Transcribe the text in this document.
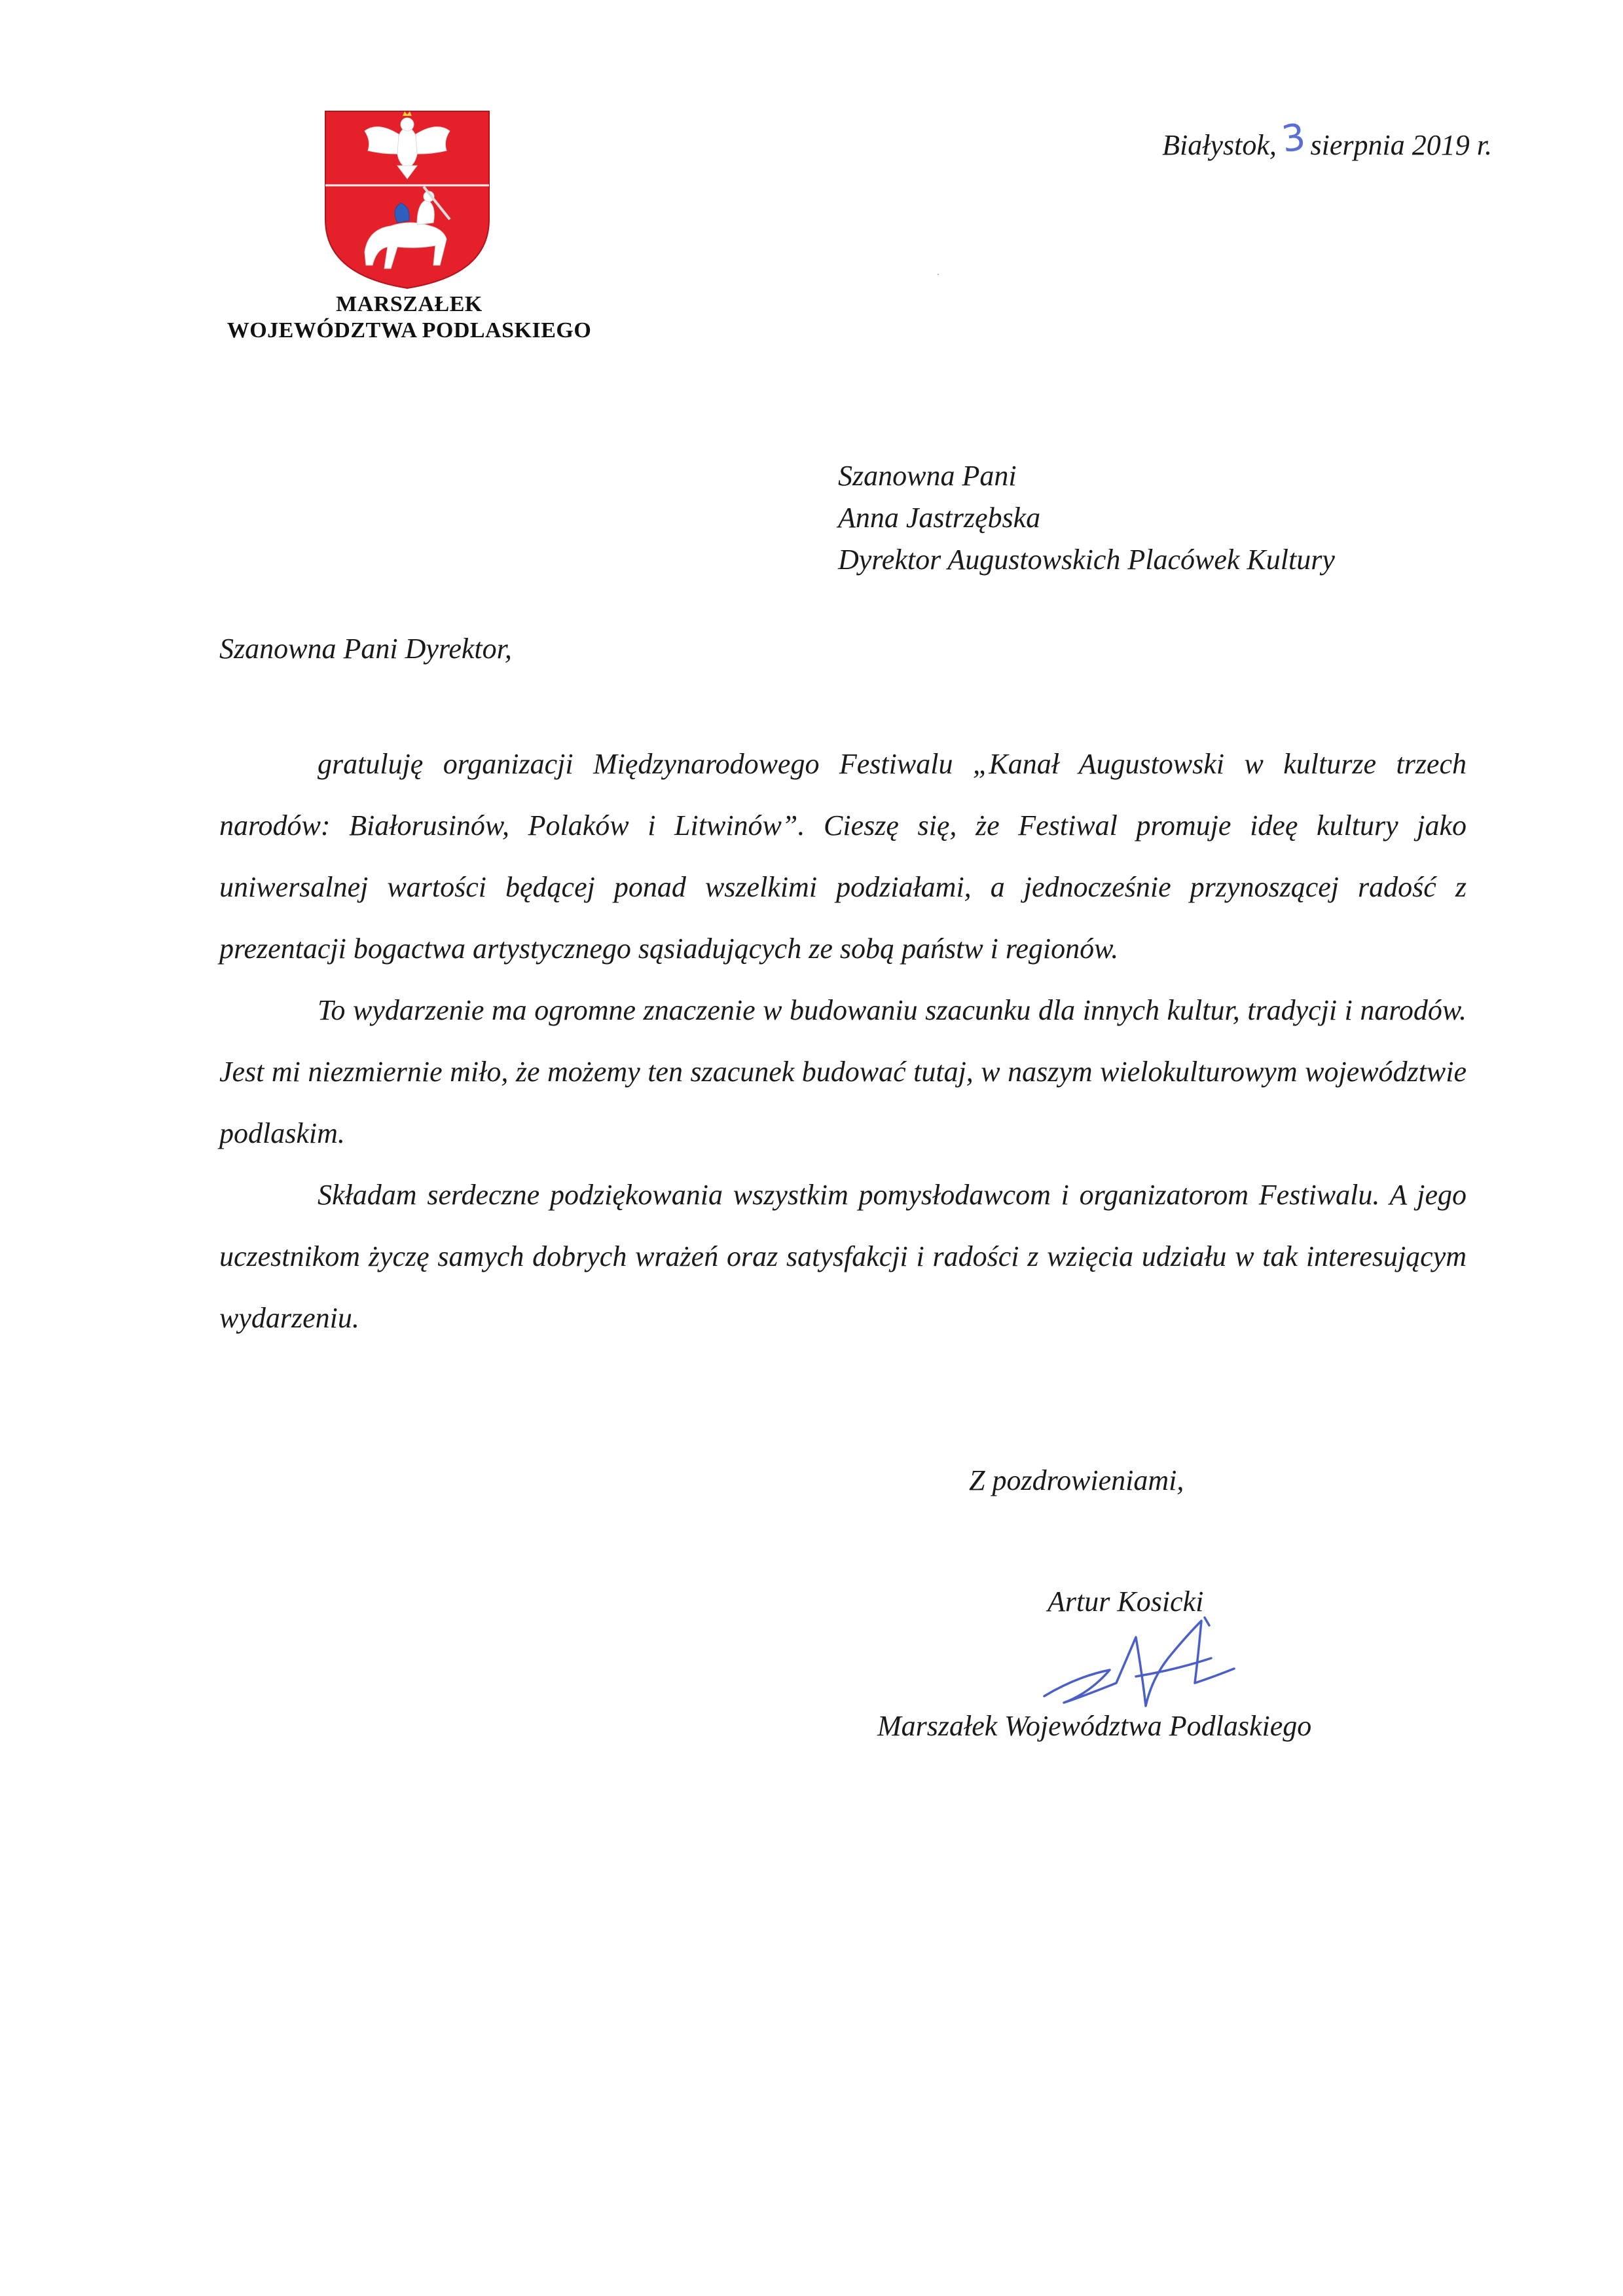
MARSZAŁEK
WOJEWÓDZTWA PODLASKIEGO
Białystok,3sierpnia 2019 r.
Szanowna Pani
Anna Jastrzębska
Dyrektor Augustowskich Placówek Kultury
Szanowna Pani Dyrektor,

gratuluję organizacji Międzynarodowego Festiwalu „Kanał Augustowski w kulturze trzech narodów: Białorusinów, Polaków i Litwinów”. Cieszę się, że Festiwal promuje ideę kultury jako uniwersalnej wartości będącej ponad wszelkimi podziałami, a jednocześnie przynoszącej radość z prezentacji bogactwa artystycznego sąsiadujących ze sobą państw i regionów.

To wydarzenie ma ogromne znaczenie w budowaniu szacunku dla innych kultur, tradycji i narodów. Jest mi niezmiernie miło, że możemy ten szacunek budować tutaj, w naszym wielokulturowym województwie podlaskim.

Składam serdeczne podziękowania wszystkim pomysłodawcom i organizatorom Festiwalu. A jego uczestnikom życzę samych dobrych wrażeń oraz satysfakcji i radości z wzięcia udziału w tak interesującym wydarzeniu.

Z pozdrowieniami,
Artur Kosicki
Marszałek Województwa Podlaskiego
